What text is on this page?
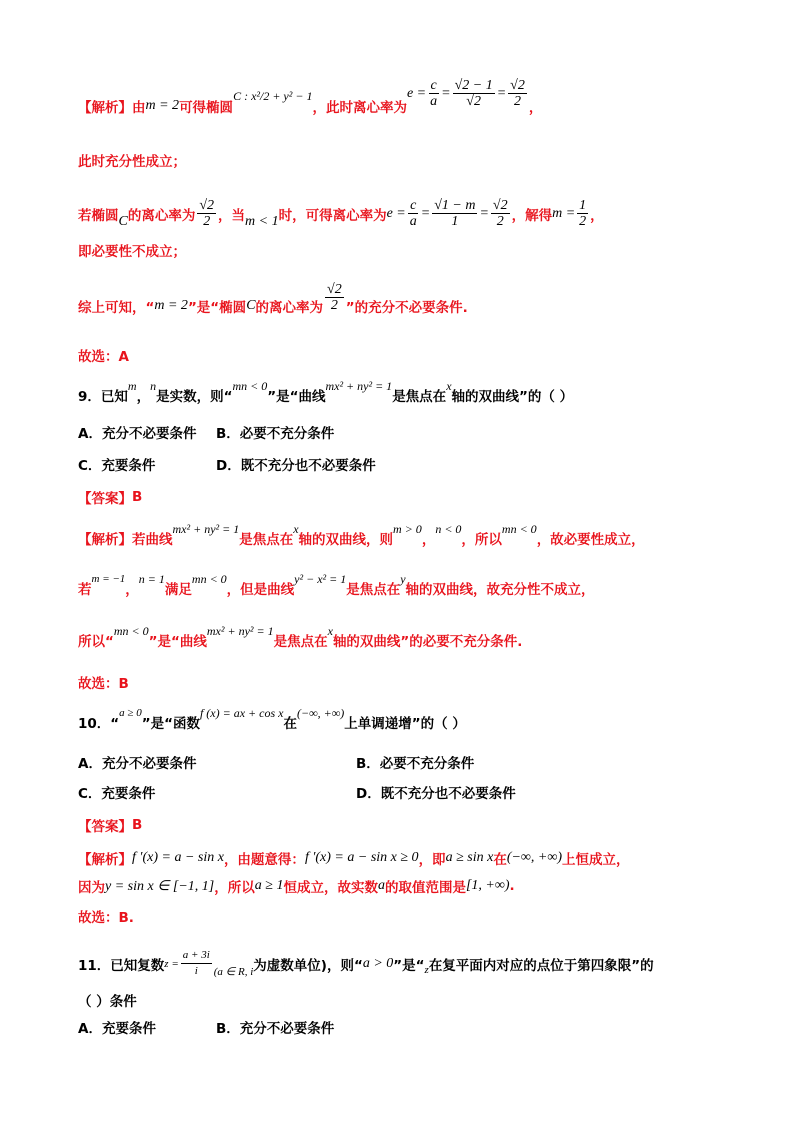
【解析】 由 m = 2 可得椭圆
C : x²/2 + y² − 1
，此时离心率为
$e = \frac{c}{a} = \frac{√2 - 1}{√2} = \frac{√2}{2}$ ，
此时充分性成立；
若椭圆 C 的离心率为 $\frac{√2}{2}$ ，当 m < 1 时，可得离心率为 $e = \frac{c}{a} = \frac{√1 - m}{1} = \frac{√2}{2}$ ，解得 $m = \frac{1}{2}$ ，
即必要性不成立；
综上可知，“ m = 2 ”是“椭圆 C 的离心率为 $\frac{√2}{2}$ ”的充分不必要条件.
故选：A
9．已知
m
，
n
是实数，则“
mn < 0
”是“曲线
mx² + ny² = 1
是焦点在
x
轴的双曲线”的（ ）
A．充分不必要条件 B．必要不充分条件
C．充要条件	D．既不充分也不必要条件
【答案】 B
【解析】 若曲线
mx² + ny² = 1
是焦点在
x
轴的双曲线，则
m > 0
，
n < 0
，所以
mn < 0
，故必要性成立，
若
m = −1
，
n = 1
满足
mn < 0
，但是曲线
y² − x² = 1
是焦点在
y
轴的双曲线，故充分性不成立，
所以“
mn < 0
”是“曲线
mx² + ny² = 1
是焦点在
x
轴的双曲线”的必要不充分条件.
故选：B
10．“
a ≥ 0
”是“函数
f (x) = ax + cos x
在
(−∞, +∞)
上单调递增”的（ ）
A．充分不必要条件	B．必要不充分条件
C．充要条件	D．既不充分也不必要条件
【答案】 B
【解析】 f ′(x) = a − sin x ，由题意得： f ′(x) = a − sin x ≥ 0 ，即 a ≥ sin x 在 (−∞, +∞) 上恒成立，
因为 y = sin x ∈ [−1, 1] ，所以 a ≥ 1 恒成立，故实数 a 的取值范围是 [1, +∞) .
故选：B.
11．已知复数 $z = \frac{a + 3i}{i} (a$ ∈ R, i 为虚数单位)，则“ a > 0 ”是“ z 在复平面内对应的点位于第四象限”的
（ ）条件
A．充要条件	B．充分不必要条件
